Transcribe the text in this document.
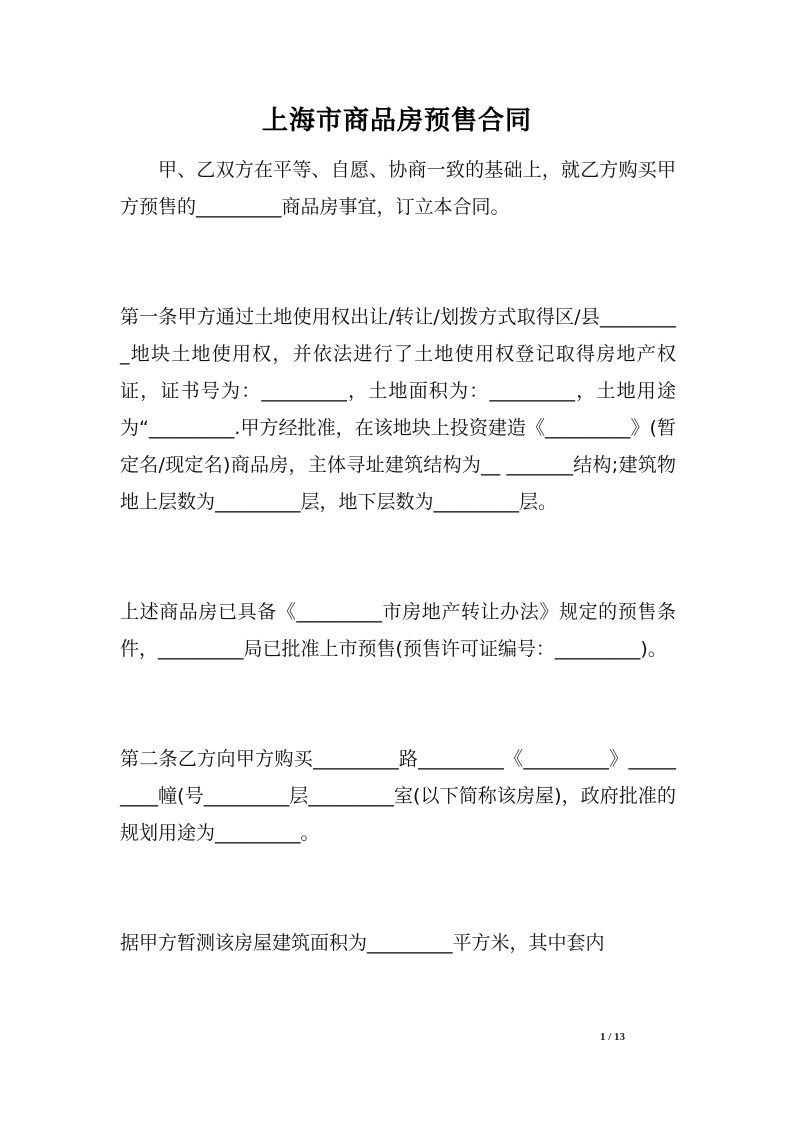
上海市商品房预售合同

甲、乙双方在平等、自愿、协商一致的基础上，就乙方购买甲方预售的_________商品房事宜，订立本合同。

第一条甲方通过土地使用权出让/转让/划拨方式取得区/县_________地块土地使用权，并依法进行了土地使用权登记取得房地产权证，证书号为：_________，土地面积为：_________，土地用途为“_________.甲方经批准，在该地块上投资建造《_________》(暂定名/现定名)商品房，主体寻址建筑结构为__ _______结构;建筑物地上层数为_________层，地下层数为_________层。

上述商品房已具备《_________市房地产转让办法》规定的预售条件，_________局已批准上市预售(预售许可证编号：_________)。

第二条乙方向甲方购买_________路_________《_________》_________幢(号_________层_________室(以下简称该房屋)，政府批准的规划用途为_________。

据甲方暂测该房屋建筑面积为_________平方米，其中套内

1 / 13
